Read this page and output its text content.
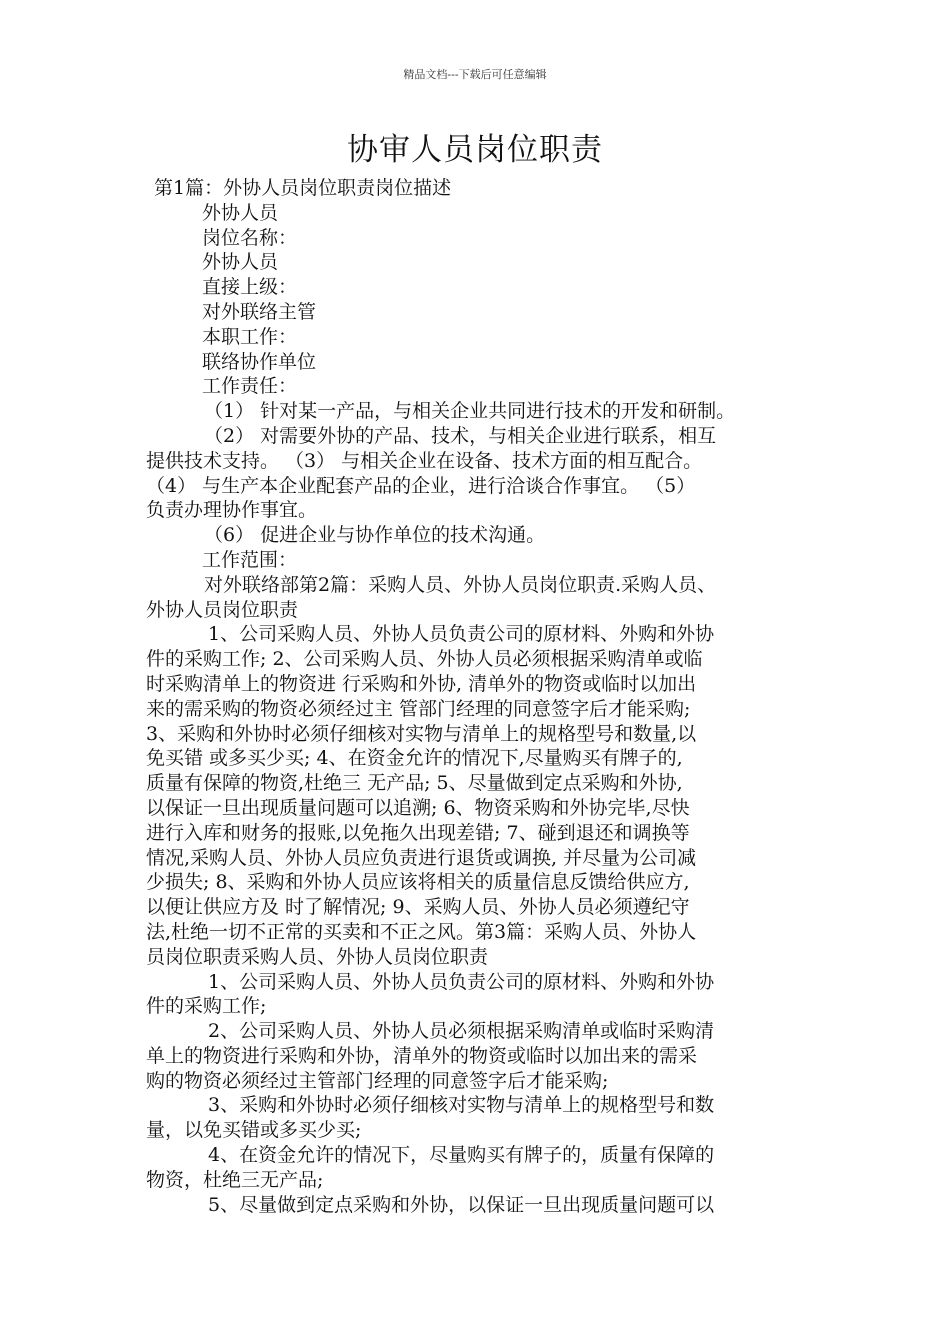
精品文档---下载后可任意编辑
协审人员岗位职责
第1篇：外协人员岗位职责岗位描述
外协人员
岗位名称：
外协人员
直接上级：
对外联络主管
本职工作：
联络协作单位
工作责任：
（1） 针对某一产品，与相关企业共同进行技术的开发和研制。
（2） 对需要外协的产品、技术，与相关企业进行联系，相互
提供技术支持。 （3） 与相关企业在设备、技术方面的相互配合。
（4） 与生产本企业配套产品的企业，进行洽谈合作事宜。 （5）
负责办理协作事宜。
（6） 促进企业与协作单位的技术沟通。
工作范围：
对外联络部第2篇：采购人员、外协人员岗位职责.采购人员、
外协人员岗位职责
1、公司采购人员、外协人员负责公司的原材料、外购和外协
件的采购工作; 2、公司采购人员、外协人员必须根据采购清单或临
时采购清单上的物资进 行采购和外协, 清单外的物资或临时以加出
来的需采购的物资必须经过主 管部门经理的同意签字后才能采购;
3、采购和外协时必须仔细核对实物与清单上的规格型号和数量,以
免买错 或多买少买; 4、在资金允许的情况下,尽量购买有牌子的,
质量有保障的物资,杜绝三 无产品; 5、尽量做到定点采购和外协,
以保证一旦出现质量问题可以追溯; 6、物资采购和外协完毕,尽快
进行入库和财务的报账,以免拖久出现差错; 7、碰到退还和调换等
情况,采购人员、外协人员应负责进行退货或调换, 并尽量为公司减
少损失; 8、采购和外协人员应该将相关的质量信息反馈给供应方,
以便让供应方及 时了解情况; 9、采购人员、外协人员必须遵纪守
法,杜绝一切不正常的买卖和不正之风。第3篇：采购人员、外协人
员岗位职责采购人员、外协人员岗位职责
1、公司采购人员、外协人员负责公司的原材料、外购和外协
件的采购工作;
2、公司采购人员、外协人员必须根据采购清单或临时采购清
单上的物资进行采购和外协，清单外的物资或临时以加出来的需采
购的物资必须经过主管部门经理的同意签字后才能采购;
3、采购和外协时必须仔细核对实物与清单上的规格型号和数
量，以免买错或多买少买;
4、在资金允许的情况下，尽量购买有牌子的，质量有保障的
物资，杜绝三无产品;
5、尽量做到定点采购和外协，以保证一旦出现质量问题可以
